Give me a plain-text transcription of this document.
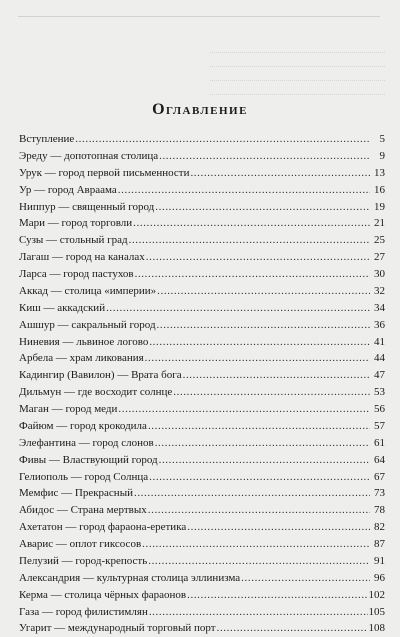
Оглавление
Вступление .....	5
Эреду — допотопная столица .....	9
Урук — город первой письменности .....	13
Ур — город Авраама .....	16
Ниппур — священный город .....	19
Мари — город торговли .....	21
Сузы — стольный град .....	25
Лагаш — город на каналах .....	27
Ларса — город пастухов .....	30
Аккад — столица «империи» .....	32
Киш — аккадский .....	34
Ашшур — сакральный город .....	36
Ниневия — львиное логово .....	41
Арбела — храм ликования .....	44
Кадингир (Вавилон) — Врата бога .....	47
Дильмун — где восходит солнце .....	53
Маган — город меди .....	56
Файюм — город крокодила .....	57
Элефантина — город слонов .....	61
Фивы — Властвующий город .....	64
Гелиополь — город Солнца .....	67
Мемфис — Прекрасный .....	73
Абидос — Страна мертвых .....	78
Ахетатон — город фараона-еретика .....	82
Аварис — оплот гиксосов .....	87
Пелузий — город-крепость .....	91
Александрия — культурная столица эллинизма .....	96
Керма — столица чёрных фараонов .....	102
Газа — город филистимлян .....	105
Угарит — международный торговый порт .....	108
